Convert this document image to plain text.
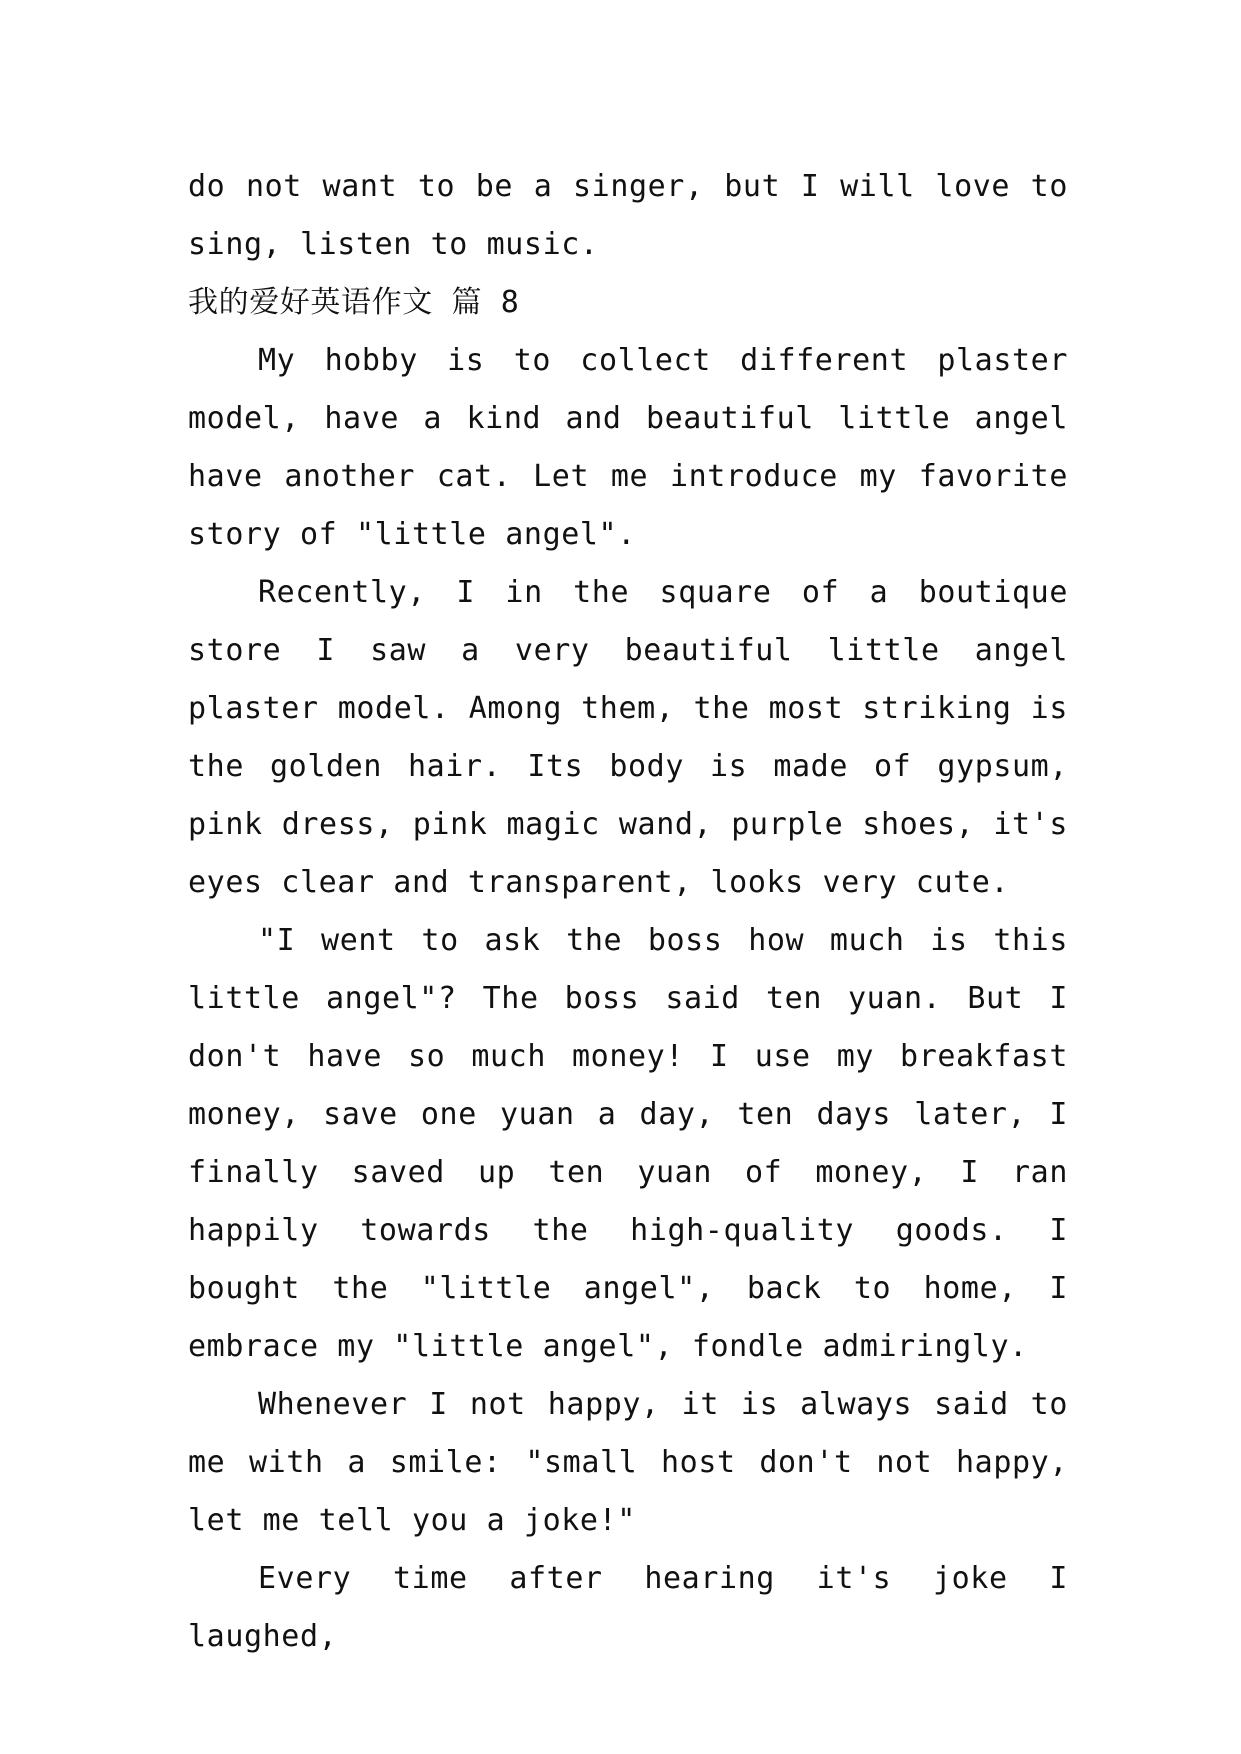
do not want to be a singer, but I will love to sing, listen to music.

我的爱好英语作文 篇 8

My hobby is to collect different plaster model, have a kind and beautiful little angel have another cat. Let me introduce my favorite story of "little angel".

Recently, I in the square of a boutique store I saw a very beautiful little angel plaster model. Among them, the most striking is the golden hair. Its body is made of gypsum, pink dress, pink magic wand, purple shoes, it's eyes clear and transparent, looks very cute.

"I went to ask the boss how much is this little angel"? The boss said ten yuan. But I don't have so much money! I use my breakfast money, save one yuan a day, ten days later, I finally saved up ten yuan of money, I ran happily towards the high-quality goods. I bought the "little angel", back to home, I embrace my "little angel", fondle admiringly.

Whenever I not happy, it is always said to me with a smile: "small host don't not happy, let me tell you a joke!"

Every time after hearing it's joke I laughed,
